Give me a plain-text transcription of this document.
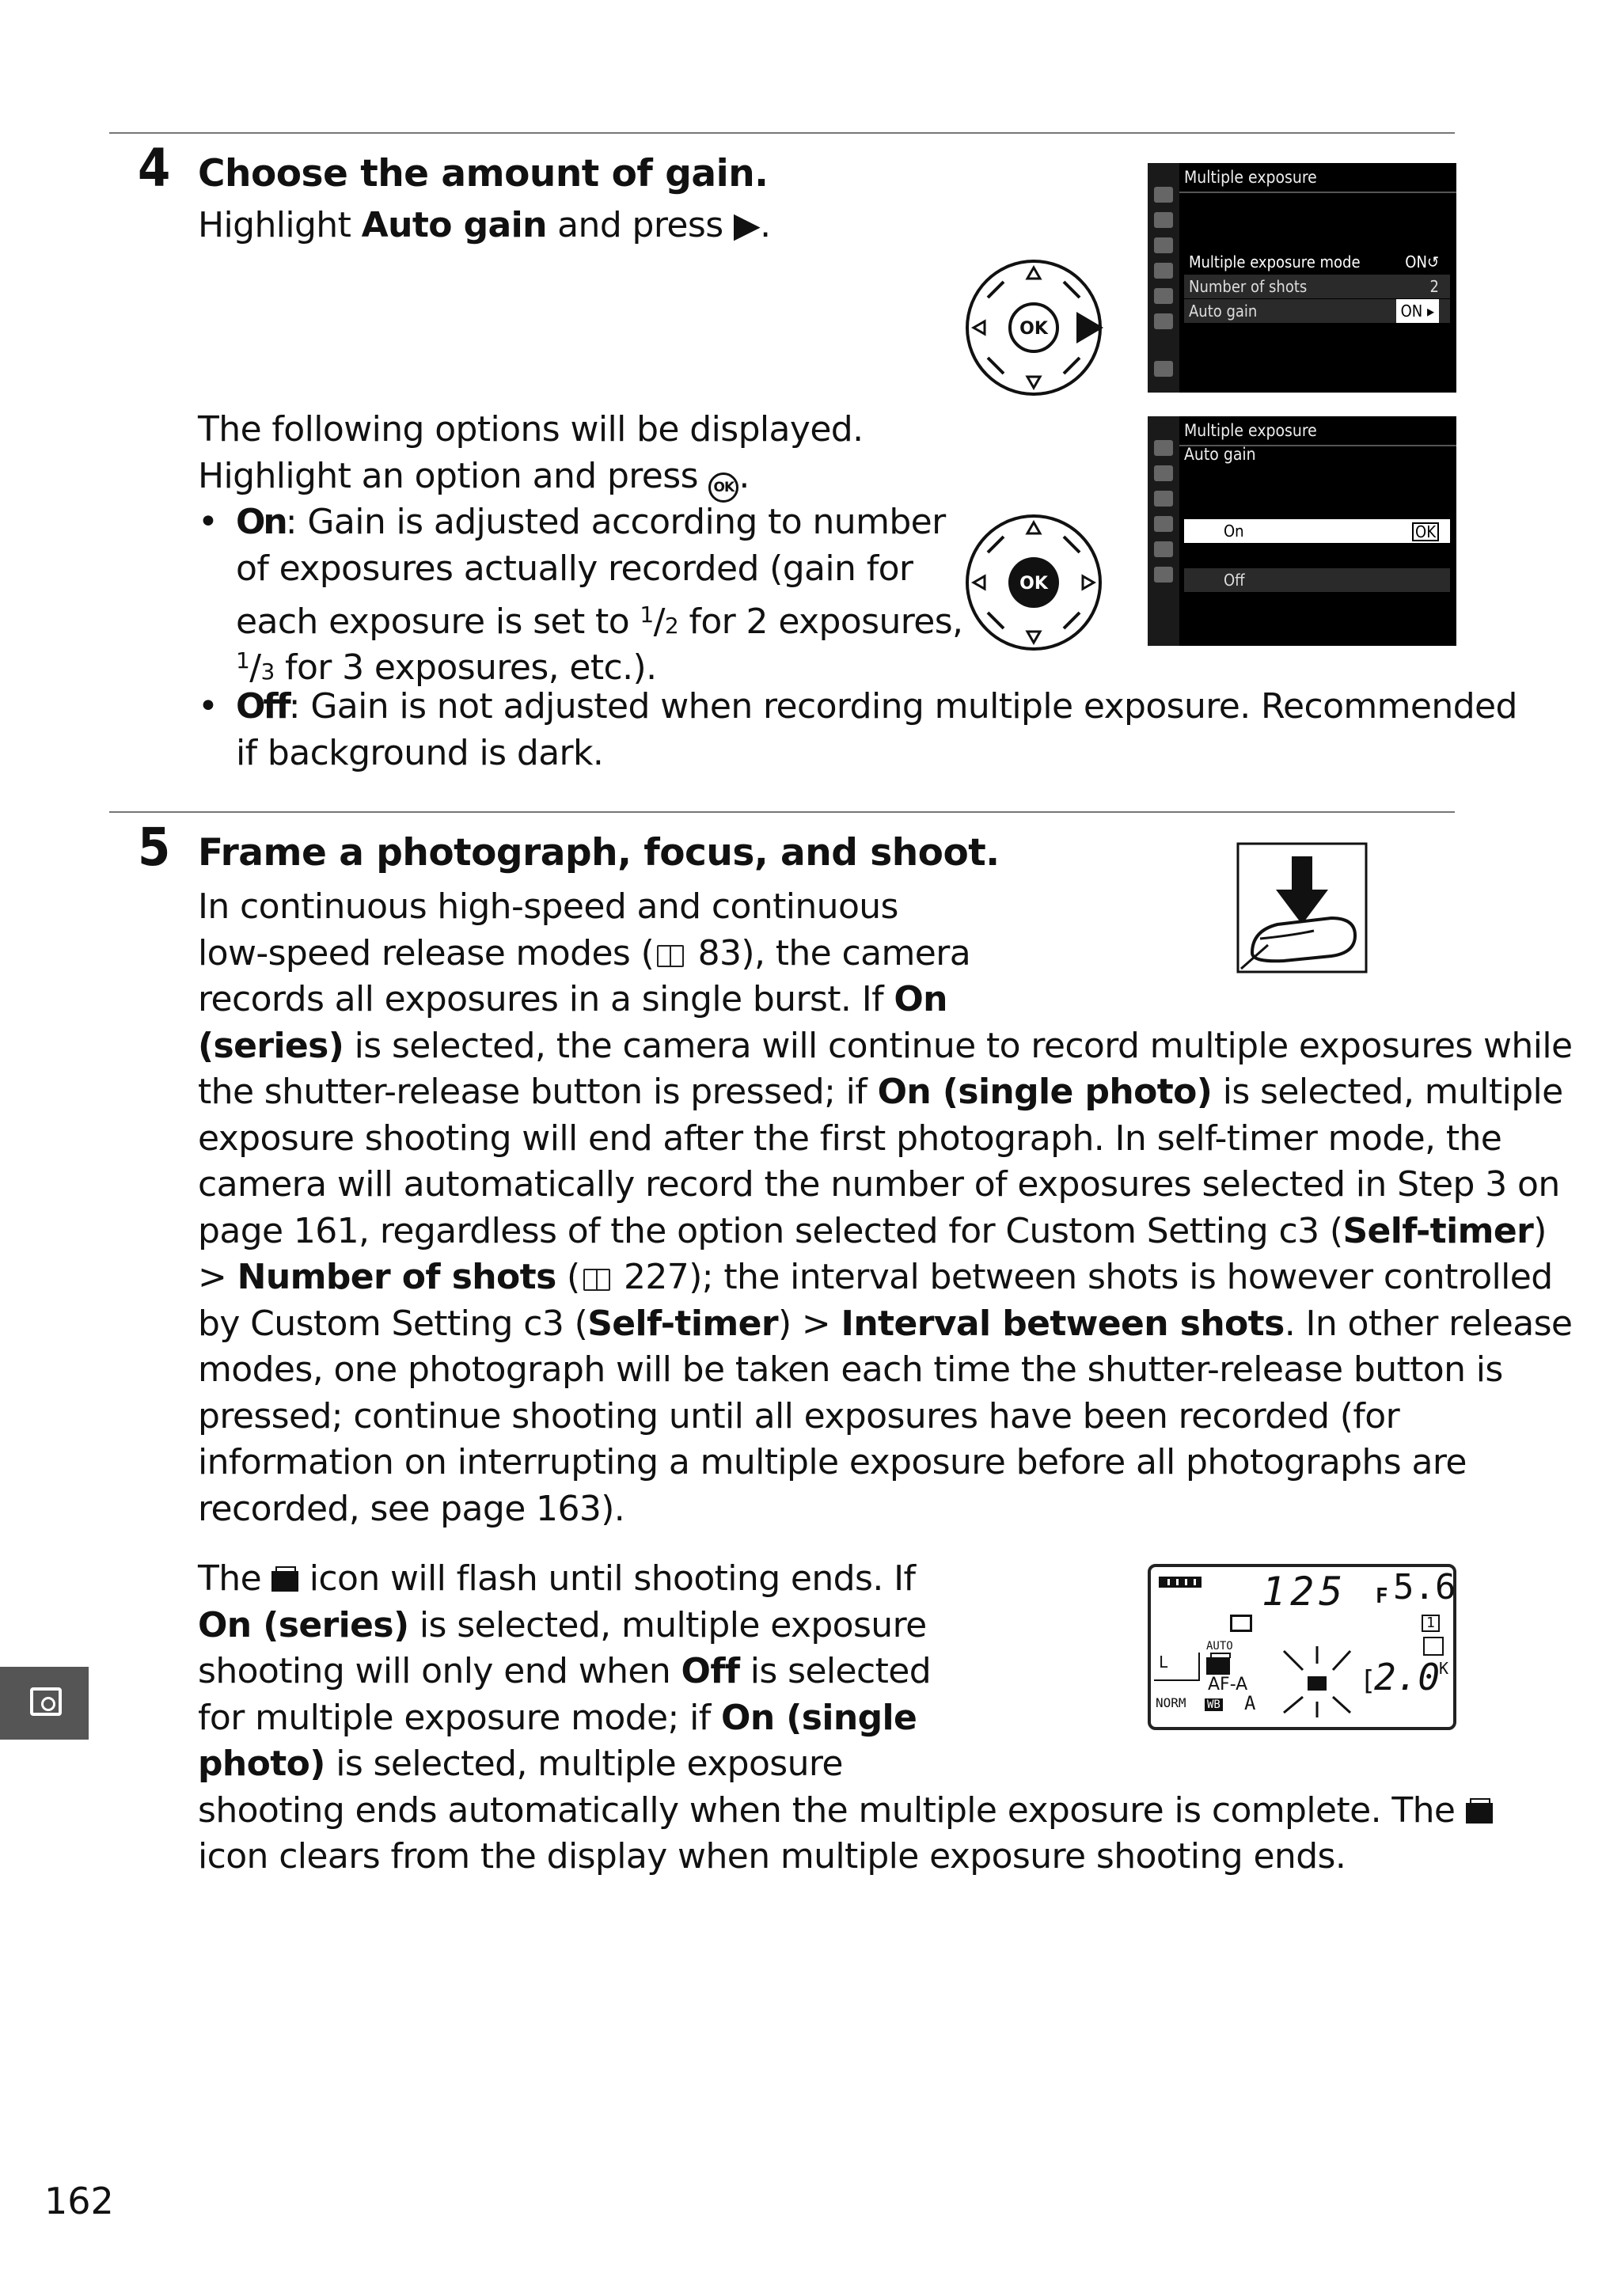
4 Choose the amount of gain.
Highlight Auto gain and press ▶.
The following options will be displayed.
Highlight an option and press OK .
• On: Gain is adjusted according to number
of exposures actually recorded (gain for
each exposure is set to $^1$/2 for 2 exposures,
$^1$/3 for 3 exposures, etc.).
• Off: Gain is not adjusted when recording multiple exposure. Recommended
if background is dark.
OK
Multiple exposure
Multiple exposure mode	ON↺
Number of shots	2
Auto gain	ON ▸
OK
Multiple exposure
Auto gain
On	OK
Off
5 Frame a photograph, focus, and shoot.
In continuous high-speed and continuous
low-speed release modes ( 83), the camera
records all exposures in a single burst. If On
(series) is selected, the camera will continue to record multiple exposures while
the shutter-release button is pressed; if On (single photo) is selected, multiple
exposure shooting will end after the first photograph. In self-timer mode, the
camera will automatically record the number of exposures selected in Step 3 on
page 161, regardless of the option selected for Custom Setting c3 (Self-timer)
> Number of shots ( 227); the interval between shots is however controlled
by Custom Setting c3 (Self-timer) > Interval between shots. In other release
modes, one photograph will be taken each time the shutter-release button is
pressed; continue shooting until all exposures have been recorded (for
information on interrupting a multiple exposure before all photographs are
recorded, see page 163).
The  icon will flash until shooting ends. If
On (series) is selected, multiple exposure
shooting will only end when Off is selected
for multiple exposure mode; if On (single
photo) is selected, multiple exposure
shooting ends automatically when the multiple exposure is complete. The
icon clears from the display when multiple exposure shooting ends.
125 F 5.6
1
L
AUTO
AF-A
NORM WB A
[
2.0
K
162
